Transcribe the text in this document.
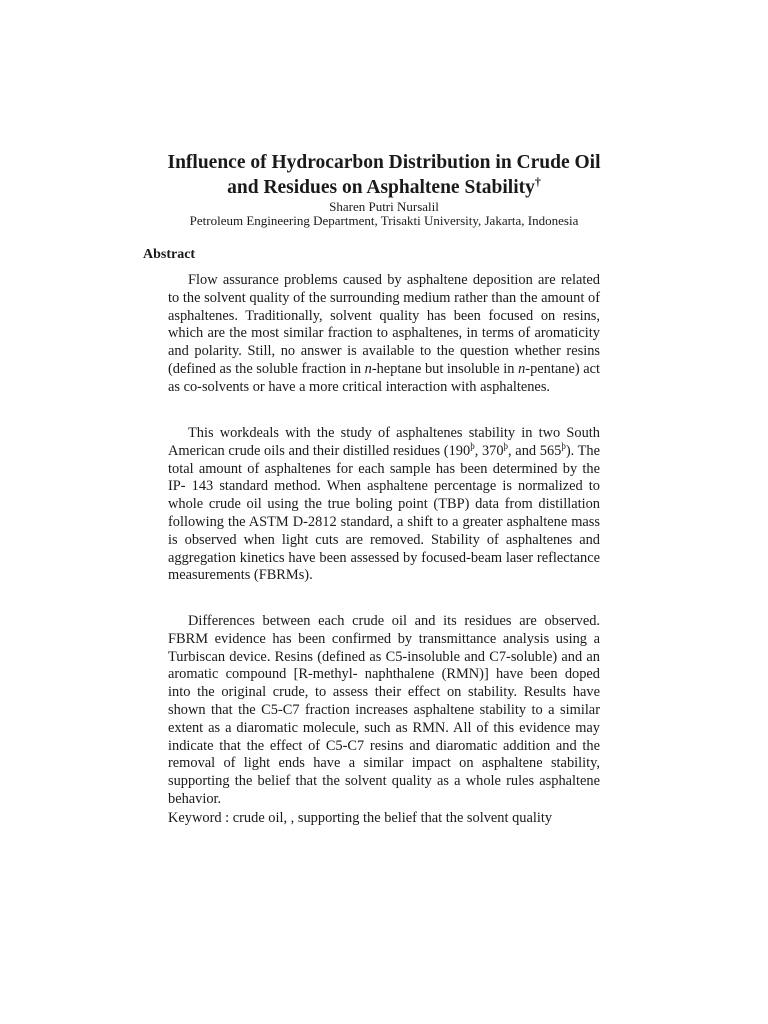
Influence of Hydrocarbon Distribution in Crude Oil
and Residues on Asphaltene Stability†
Sharen Putri Nursalil
Petroleum Engineering Department, Trisakti University, Jakarta, Indonesia
Abstract

Flow assurance problems caused by asphaltene deposition are related to the solvent quality of the surrounding medium rather than the amount of asphaltenes. Traditionally, solvent quality has been focused on resins, which are the most similar fraction to asphaltenes, in terms of aromaticity and polarity. Still, no answer is available to the question whether resins (defined as the soluble fraction in n-heptane but insoluble in n-pentane) act as co-solvents or have a more critical interaction with asphaltenes.

This workdeals with the study of asphaltenes stability in two South American crude oils and their distilled residues ($190^þ$, $370^þ$, and $565^þ$). The total amount of asphaltenes for each sample has been determined by the IP- 143 standard method. When asphaltene percentage is normalized to whole crude oil using the true boling point (TBP) data from distillation following the ASTM D-2812 standard, a shift to a greater asphaltene mass is observed when light cuts are removed. Stability of asphaltenes and aggregation kinetics have been assessed by focused-beam laser reflectance measurements (FBRMs).

Differences between each crude oil and its residues are observed. FBRM evidence has been confirmed by transmittance analysis using a Turbiscan device. Resins (defined as C5-insoluble and C7-soluble) and an aromatic compound [R-methyl- naphthalene (RMN)] have been doped into the original crude, to assess their effect on stability. Results have shown that the C5-C7 fraction increases asphaltene stability to a similar extent as a diaromatic molecule, such as RMN. All of this evidence may indicate that the effect of C5-C7 resins and diaromatic addition and the removal of light ends have a similar impact on asphaltene stability, supporting the belief that the solvent quality as a whole rules asphaltene behavior.

Keyword : crude oil, , supporting the belief that the solvent quality
